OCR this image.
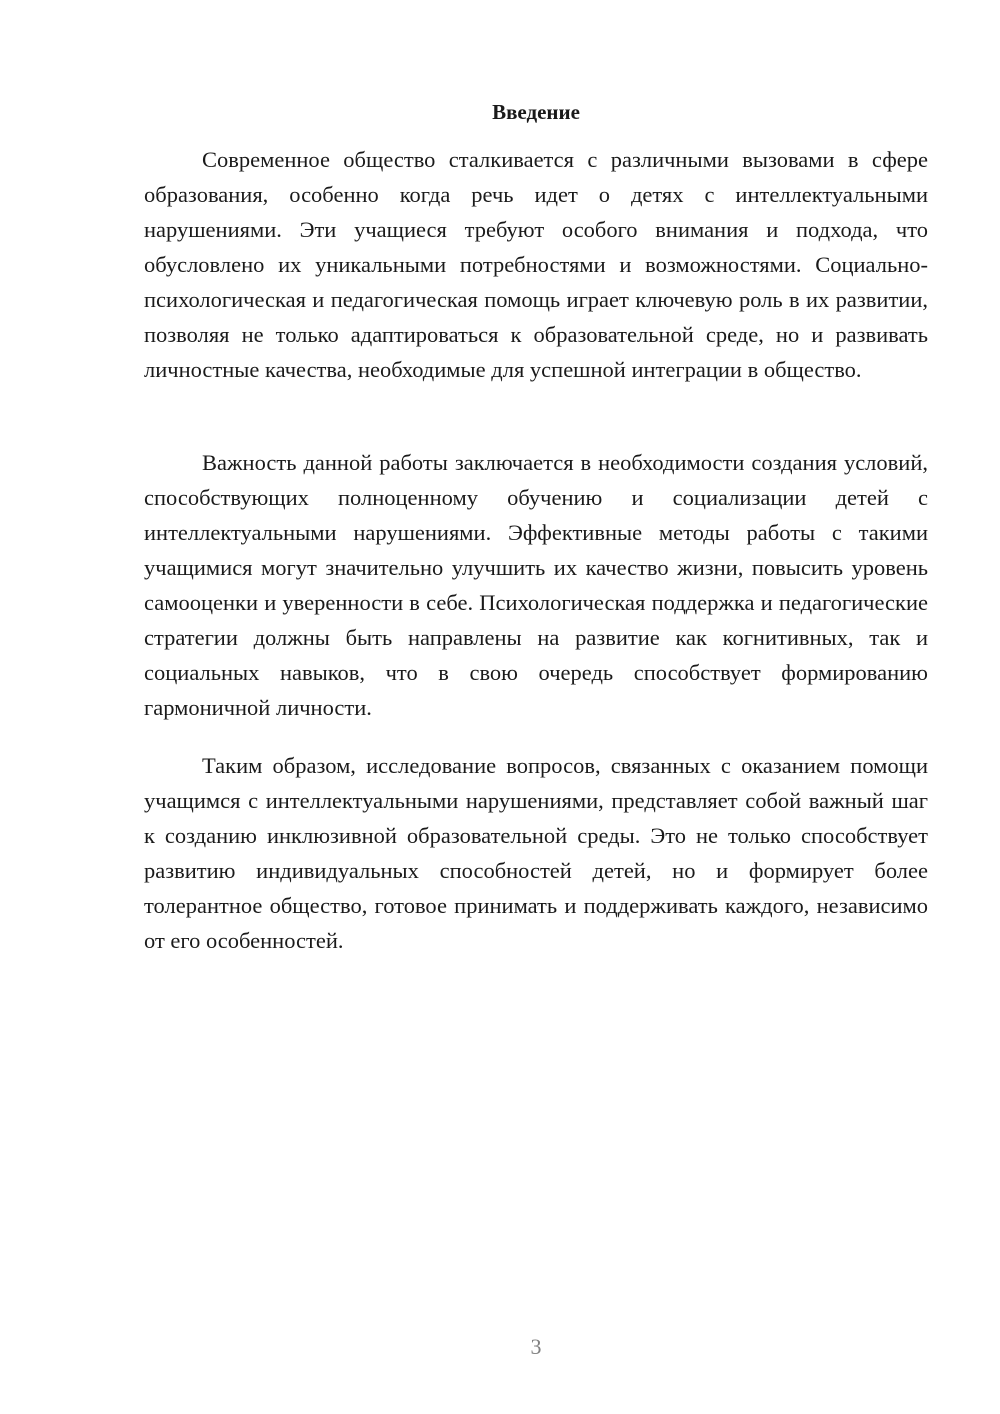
Введение

Современное общество сталкивается с различными вызовами в сфере образования, особенно когда речь идет о детях с интеллектуальными нарушениями. Эти учащиеся требуют особого внимания и подхода, что обусловлено их уникальными потребностями и возможностями. Социально-психологическая и педагогическая помощь играет ключевую роль в их развитии, позволяя не только адаптироваться к образовательной среде, но и развивать личностные качества, необходимые для успешной интеграции в общество.

Важность данной работы заключается в необходимости создания условий, способствующих полноценному обучению и социализации детей с интеллектуальными нарушениями. Эффективные методы работы с такими учащимися могут значительно улучшить их качество жизни, повысить уровень самооценки и уверенности в себе. Психологическая поддержка и педагогические стратегии должны быть направлены на развитие как когнитивных, так и социальных навыков, что в свою очередь способствует формированию гармоничной личности.

Таким образом, исследование вопросов, связанных с оказанием помощи учащимся с интеллектуальными нарушениями, представляет собой важный шаг к созданию инклюзивной образовательной среды. Это не только способствует развитию индивидуальных способностей детей, но и формирует более толерантное общество, готовое принимать и поддерживать каждого, независимо от его особенностей.

3
